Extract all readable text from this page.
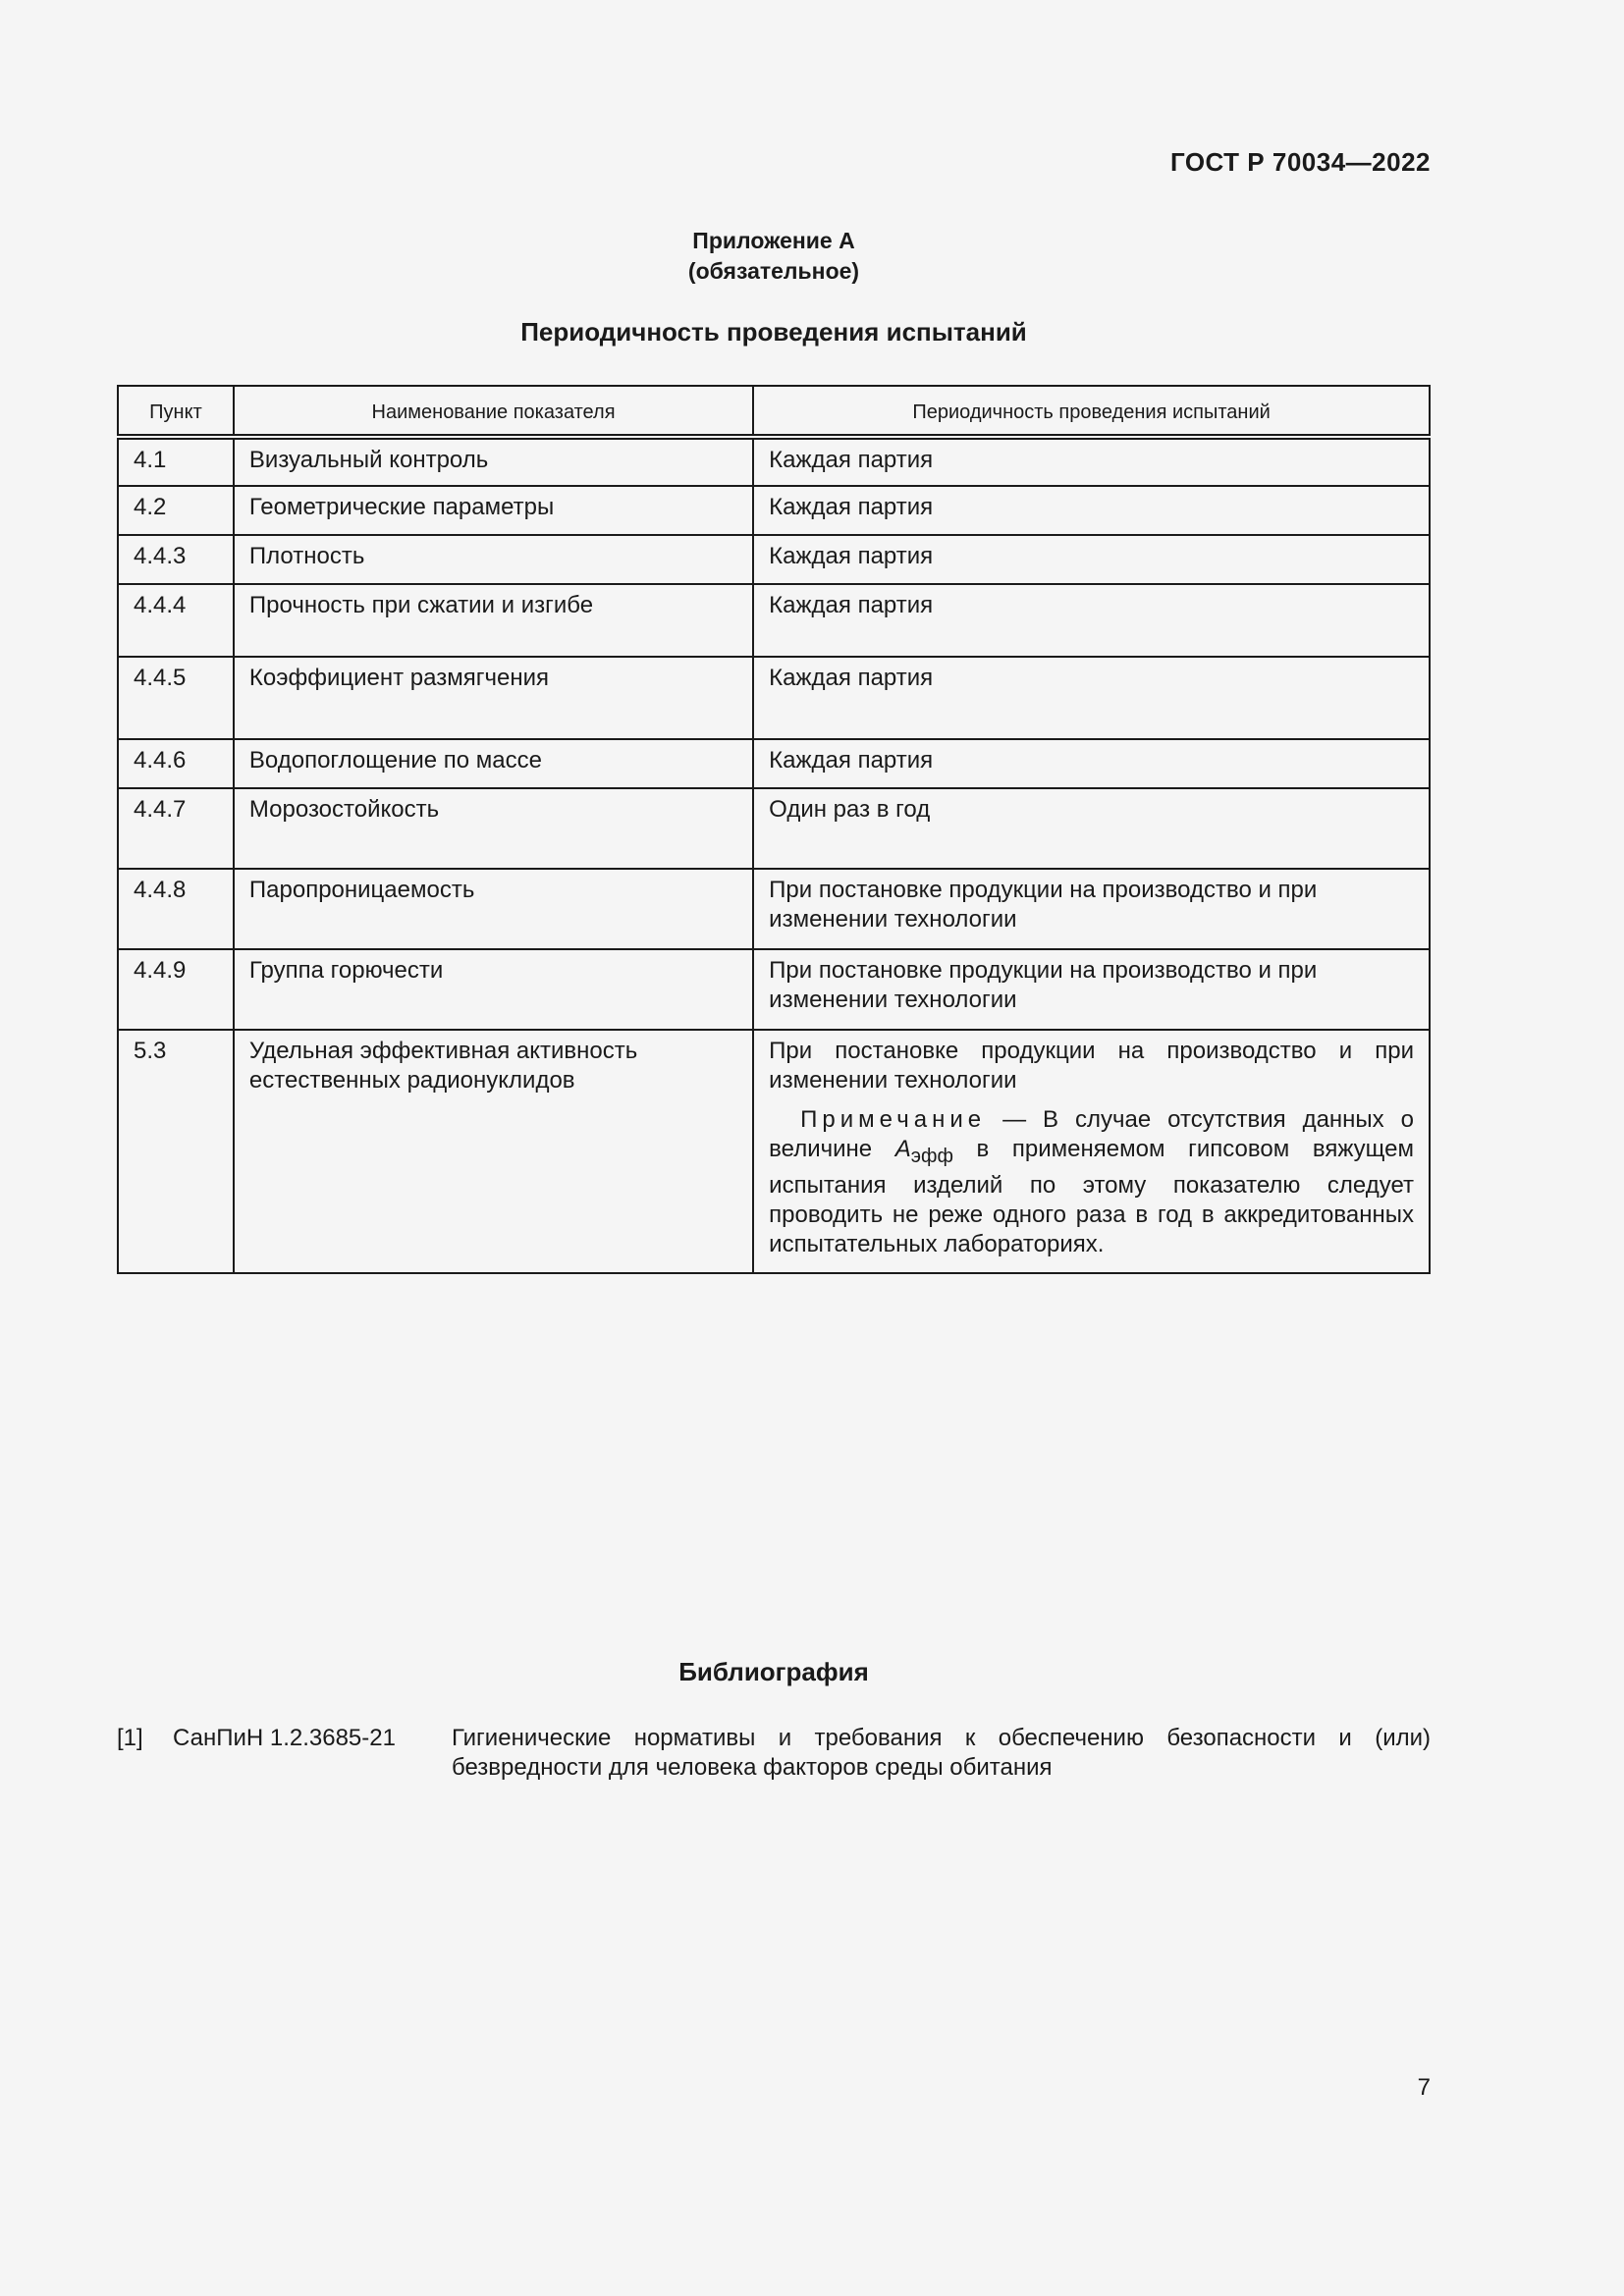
ГОСТ Р 70034—2022
Приложение А
(обязательное)
Периодичность проведения испытаний
Пункт	Наименование показателя	Периодичность проведения испытаний
4.1	Визуальный контроль	Каждая партия
4.2	Геометрические параметры	Каждая партия
4.4.3	Плотность	Каждая партия
4.4.4	Прочность при сжатии и изгибе	Каждая партия
4.4.5	Коэффициент размягчения	Каждая партия
4.4.6	Водопоглощение по массе	Каждая партия
4.4.7	Морозостойкость	Один раз в год
4.4.8	Паропроницаемость	При постановке продукции на производство и при изменении технологии
4.4.9	Группа горючести	При постановке продукции на производство и при изменении технологии
5.3	Удельная эффективная активность естественных радионуклидов	При постановке продукции на производство и при изменении технологии
Примечание — В случае отсутствия данных о величине $A_{эфф}$ в применяемом гипсовом вяжущем испытания изделий по этому показателю следует проводить не реже одного раза в год в аккредитованных испытательных лабораториях.
Библиография
[1] СанПиН 1.2.3685-21 Гигиенические нормативы и требования к обеспечению безопасности и (или) безвредности для человека факторов среды обитания
7
